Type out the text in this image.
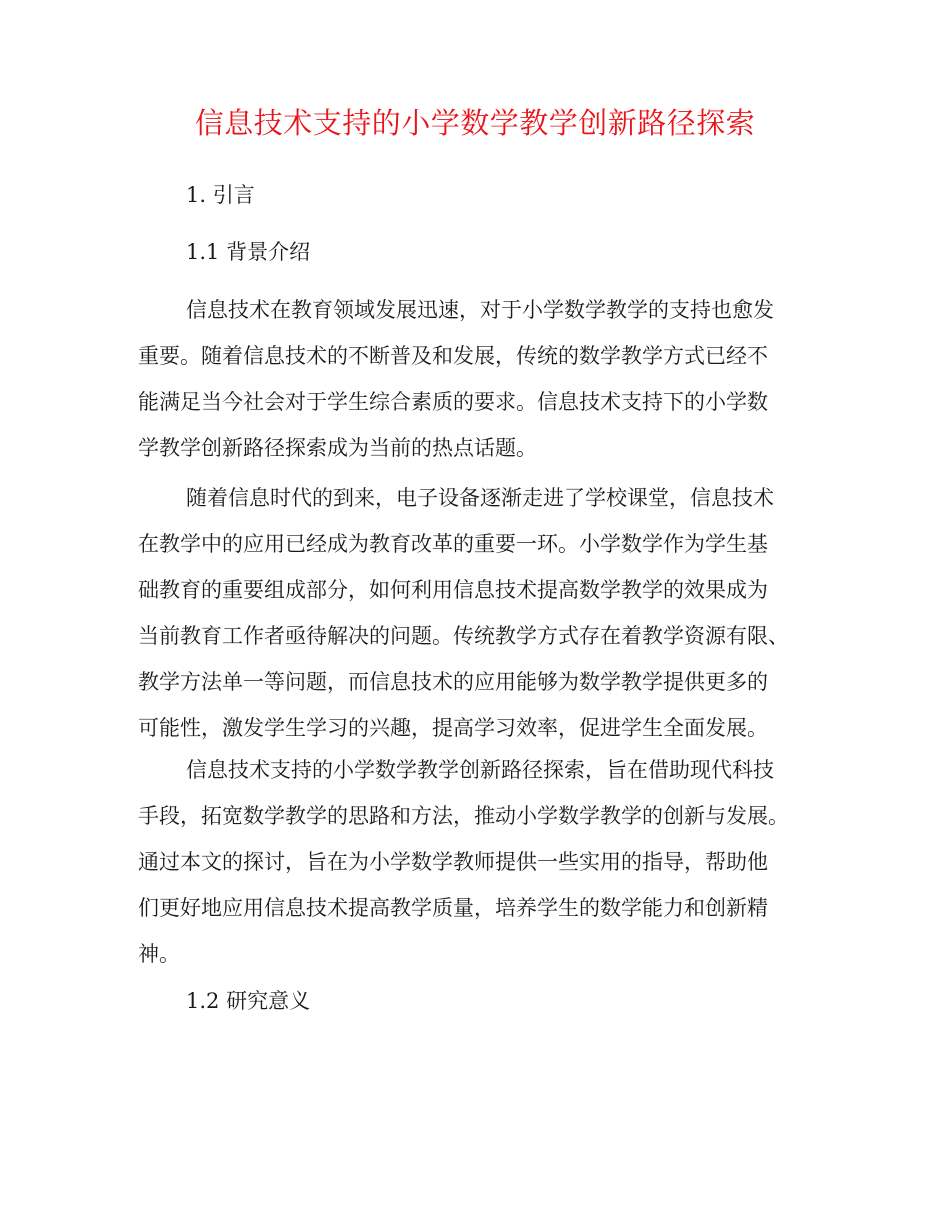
信息技术支持的小学数学教学创新路径探索
1. 引言
1.1 背景介绍
信息技术在教育领域发展迅速，对于小学数学教学的支持也愈发
重要。随着信息技术的不断普及和发展，传统的数学教学方式已经不
能满足当今社会对于学生综合素质的要求。信息技术支持下的小学数
学教学创新路径探索成为当前的热点话题。
随着信息时代的到来，电子设备逐渐走进了学校课堂，信息技术
在教学中的应用已经成为教育改革的重要一环。小学数学作为学生基
础教育的重要组成部分，如何利用信息技术提高数学教学的效果成为
当前教育工作者亟待解决的问题。传统教学方式存在着教学资源有限、
教学方法单一等问题，而信息技术的应用能够为数学教学提供更多的
可能性，激发学生学习的兴趣，提高学习效率，促进学生全面发展。
信息技术支持的小学数学教学创新路径探索，旨在借助现代科技
手段，拓宽数学教学的思路和方法，推动小学数学教学的创新与发展。
通过本文的探讨，旨在为小学数学教师提供一些实用的指导，帮助他
们更好地应用信息技术提高教学质量，培养学生的数学能力和创新精
神。
1.2 研究意义
